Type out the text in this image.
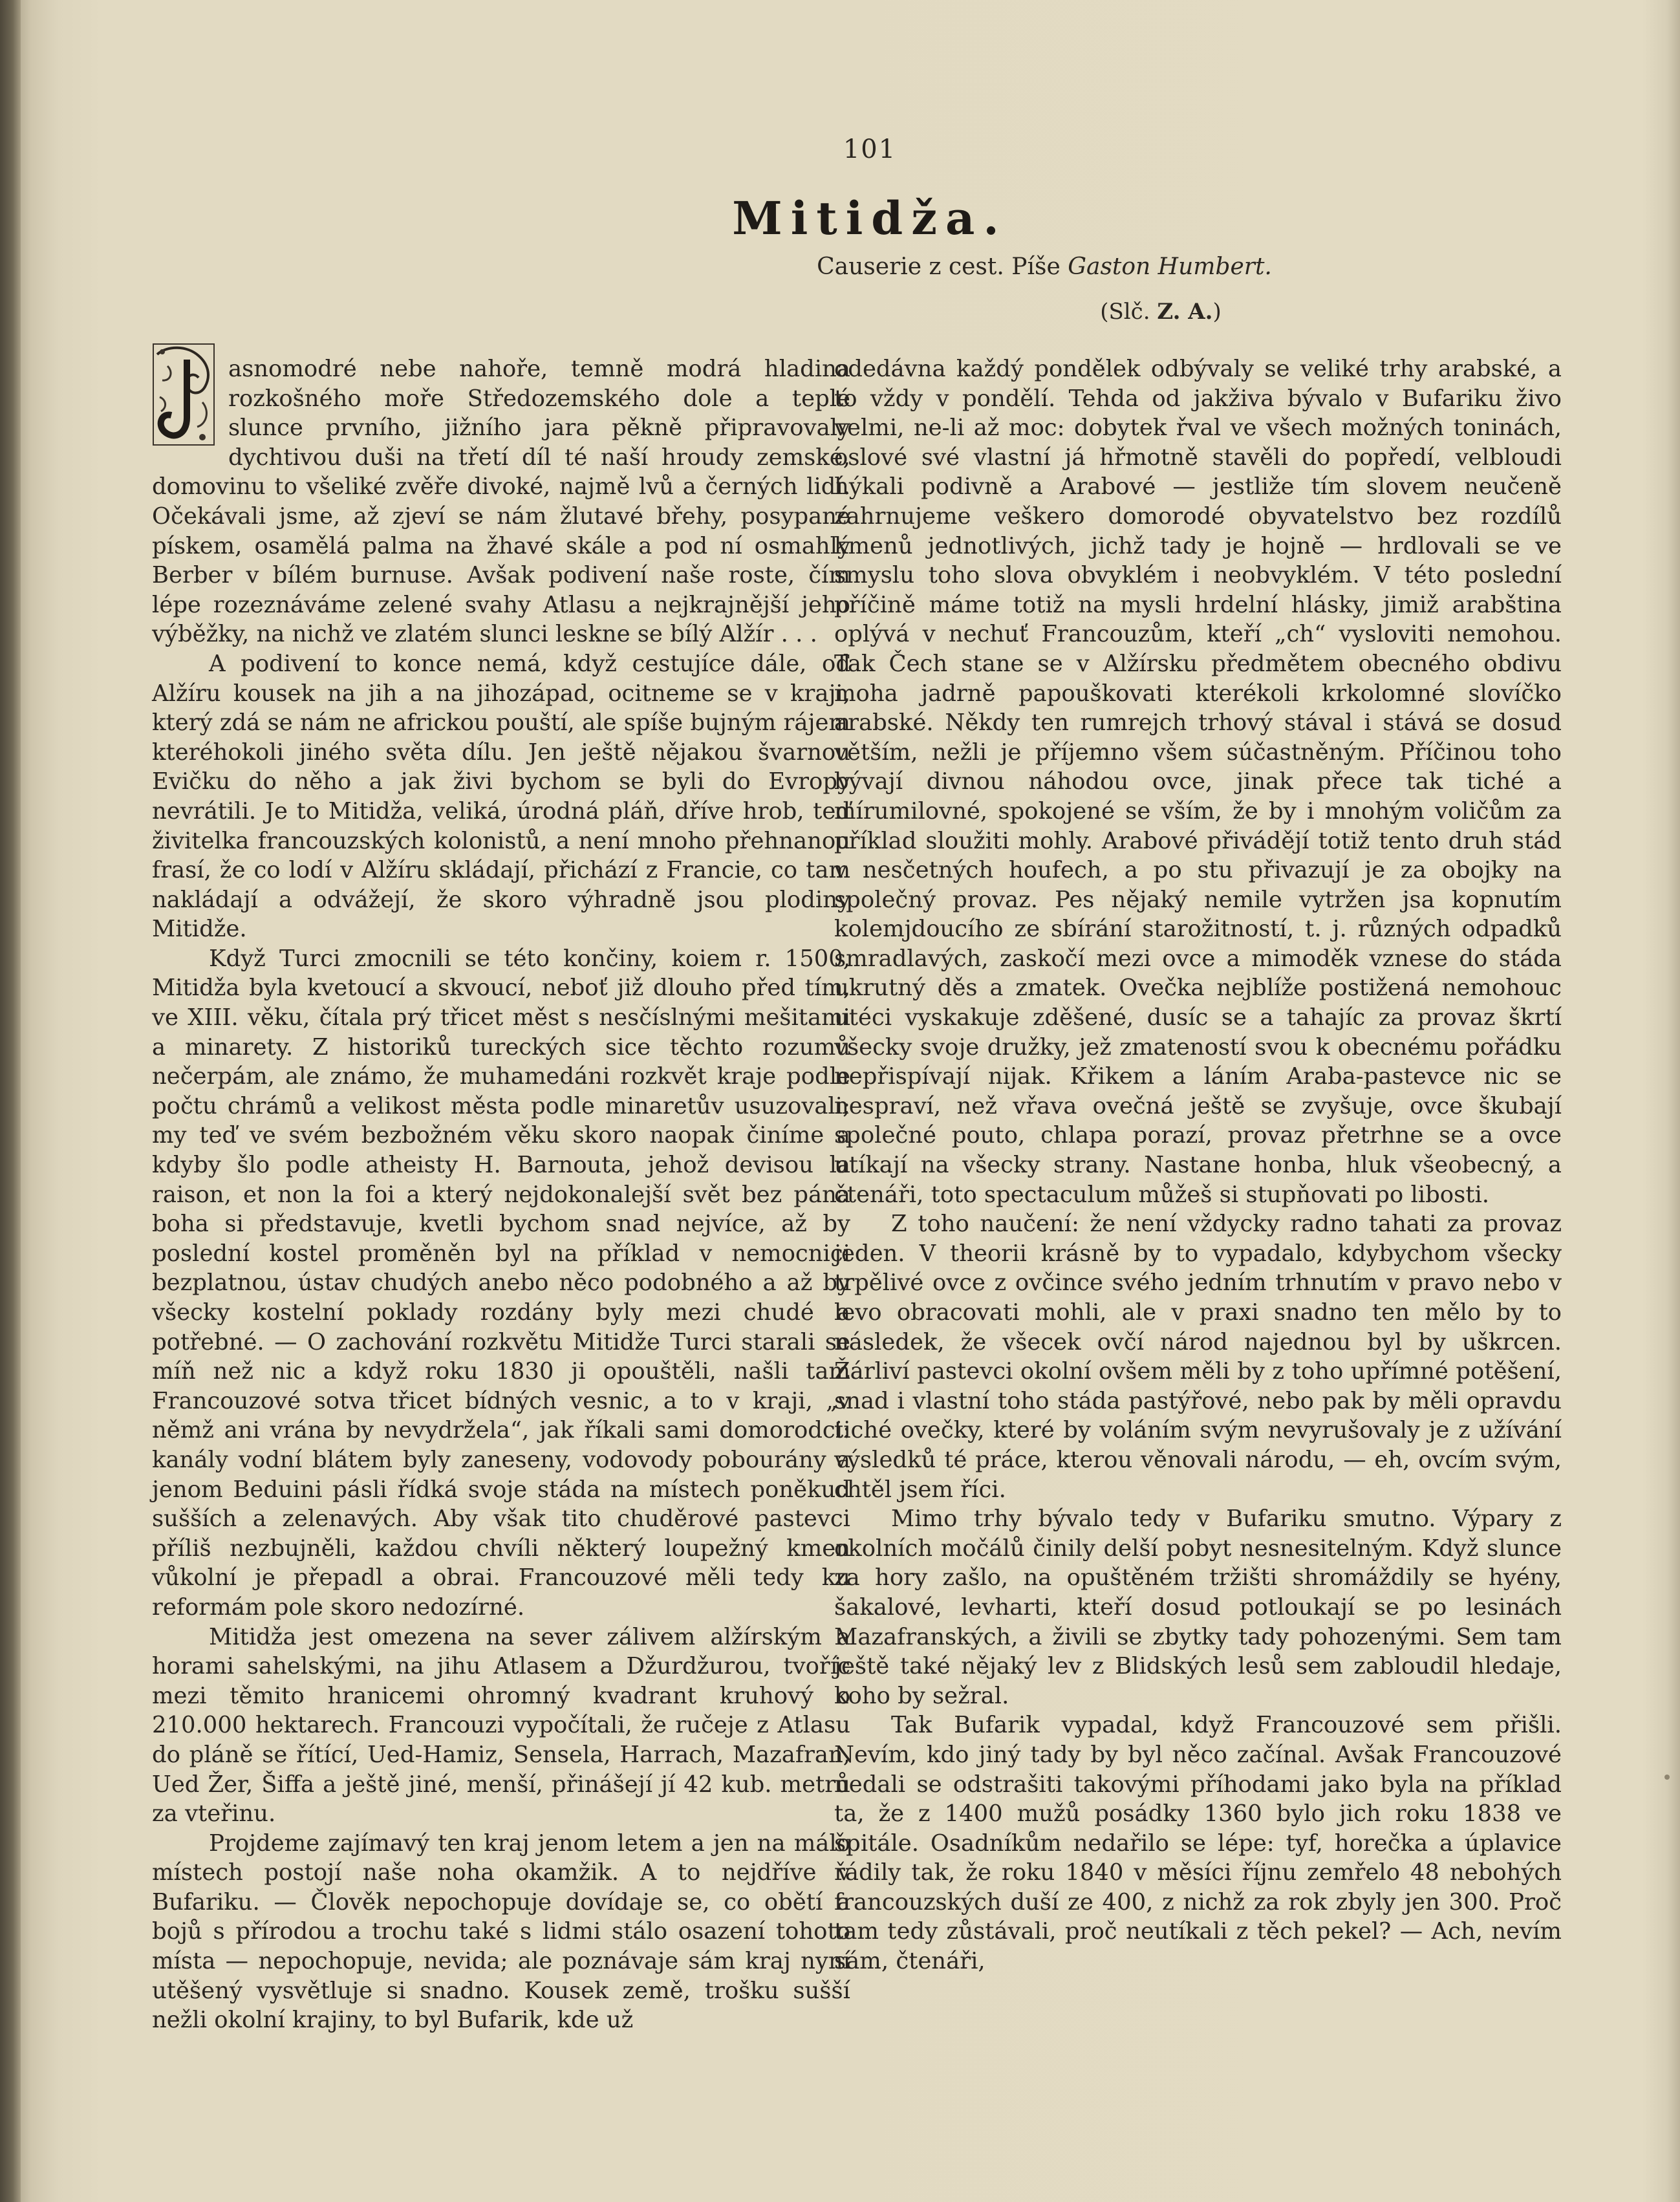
101
Mitidža.
Causerie z cest. Píše Gaston Humbert.
(Slč. Z. A.)

asnomodré nebe nahoře, temně modrá hladina rozkošného moře Středozemského dole a teplé slunce prvního, jižního jara pěkně připravovaly dychtivou duši na třetí díl té naší hroudy zemské, domovinu to všeliké zvěře divoké, najmě lvů a černých lidí. Očekávali jsme, až zjeví se nám žlutavé břehy, posypané pískem, osamělá palma na žhavé skále a pod ní osmahlý Berber v bílém burnuse. Avšak podivení naše roste, čím lépe rozeznáváme zelené svahy Atlasu a nejkrajnější jeho výběžky, na nichž ve zlatém slunci lesknе se bílý Alžír . . .

A podivení to konce nemá, když cestujíce dále, od Alžíru kousek na jih a na jihozápad, ocitneme se v kraji, který zdá se nám ne africkou pouští, ale spíše bujným rájem kteréhokoli jiného světa dílu. Jen ještě nějakou švarnou Evičku do něho a jak živi bychom se byli do Evropy nevrátili. Je to Mitidža, veliká, úrodná pláň, dříve hrob, teď živitelka francouzských kolonistů, a není mnoho přehnanou frasí, že co lodí v Alžíru skládají, přichází z Francie, co tam nakládají a odvážejí, že skoro výhradně jsou plodiny Mitidže.

Když Turci zmocnili se této končiny, koiem r. 1500, Mitidža byla kvetoucí a skvoucí, neboť již dlouho před tím, ve XIII. věku, čítala prý třicet měst s nesčíslnými mešitami a minarety. Z historiků tureckých sice těchto rozumů nečerpám, ale známo, že muhamedáni rozkvět kraje podle počtu chrámů a velikost města podle minaretův usuzovali; my teď ve svém bezbožném věku skoro naopak činíme a kdyby šlo podle atheisty H. Barnouta, jehož devisou la raison, et non la foi a který nejdokonalejší svět bez pána boha si představuje, kvetli bychom snad nejvíce, až by poslední kostel proměněn byl na příklad v nemocnici bezplatnou, ústav chudých anebo něco podobného a až by všecky kostelní poklady rozdány byly mezi chudé a potřebné. — O zachování rozkvětu Mitidže Turci starali se míň než nic a když roku 1830 ji opouštěli, našli tam Francouzové sotva třicet bídných vesnic, a to v kraji, „v němž ani vrána by nevydržela“, jak říkali sami domorodci: kanály vodní blátem byly zaneseny, vodovody pobourány a jenom Beduini pásli řídká svoje stáda na místech poněkud sušších a zelenavých. Aby však tito chuděrové pastevci příliš nezbujněli, každou chvíli některý loupežný kmen vůkolní je přepadl a obrai. Francouzové měli tedy ku reformám pole skoro nedozírné.

Mitidža jest omezena na sever zálivem alžírským a horami sahelskými, na jihu Atlasem a Džurdžurou, tvoříc mezi těmito hranicemi ohromný kvadrant kruhový o 210.000 hektarech. Francouzi vypočítali, že ručeje z Atlasu do pláně se řítící, Ued-Hamiz, Sensela, Harrach, Mazafran, Ued Žer, Šiffa a ještě jiné, menší, přinášejí jí 42 kub. metrů za vteřinu.

Projdeme zajímavý ten kraj jenom letem a jen na málo místech postojí naše noha okamžik. A to nejdříve v Bufariku. — Člověk nepochopuje dovídaje se, co obětí a bojů s přírodou a trochu také s lidmi stálo osazení tohoto místa — nepochopuje, nevida; ale poznávaje sám kraj nyní utěšený vysvětluje si snadno. Kousek země, trošku sušší nežli okolní krajiny, to byl Bufarik, kde už

odedávna každý pondělek odbývaly se veliké trhy arabské, a to vždy v pondělí. Tehda od jakživa bývalo v Bufariku živo velmi, ne-li až moc: dobytek řval ve všech možných toninách, oslové své vlastní já hřmotně stavěli do popředí, velbloudi hýkali podivně a Arabové — jestliže tím slovem neučeně zahrnujeme veškero domorodé obyvatelstvo bez rozdílů kmenů jednotlivých, jichž tady je hojně — hrdlovali se ve smyslu toho slova obvyklém i neobvyklém. V této poslední příčině máme totiž na mysli hrdelní hlásky, jimiž arabština oplývá v nechuť Francouzům, kteří „ch“ vysloviti nemohou. Tak Čech stane se v Alžírsku předmětem obecného obdivu moha jadrně papouškovati kterékoli krkolomné slovíčko arabské. Někdy ten rumrejch trhový stával i stává se dosud větším, nežli je příjemno všem súčastněným. Příčinou toho bývají divnou náhodou ovce, jinak přece tak tiché a mírumilovné, spokojené se vším, že by i mnohým voličům za příklad sloužiti mohly. Arabové přivádějí totiž tento druh stád v nesčetných houfech, a po stu přivazují je za obojky na společný provaz. Pes nějaký nemile vytržen jsa kopnutím kolemjdoucího ze sbírání starožitností, t. j. různých odpadků smradlavých, zaskočí mezi ovce a mimoděk vznese do stáda ukrutný děs a zmatek. Ovečka nejblíže postižená nemohouc utéci vyskakuje zděšené, dusíc se a tahajíc za provaz škrtí všecky svoje družky, jež zmateností svou k obecnému pořádku nepřispívají nijak. Křikem a láním Araba-pastevce nic se nespraví, než vřava ovečná ještě se zvyšuje, ovce škubají společné pouto, chlapa porazí, provaz přetrhne se a ovce utíkají na všecky strany. Nastane honba, hluk všeobecný, a čtenáři, toto spectaculum můžeš si stupňovati po libosti.

Z toho naučení: že není vždycky radno tahati za provaz jeden. V theorii krásně by to vypadalo, kdybychom všecky trpělivé ovce z ovčince svého jedním trhnutím v pravo nebo v levo obracovati mohli, ale v praxi snadno ten mělo by to následek, že všecek ovčí národ najednou byl by uškrcen. Žárliví pastevci okolní ovšem měli by z toho upřímné potěšení, snad i vlastní toho stáda pastýřové, nebo pak by měli opravdu tiché ovečky, které by voláním svým nevyrušovaly je z užívání výsledků té práce, kterou věnovali národu, — eh, ovcím svým, chtěl jsem říci.

Mimo trhy bývalo tedy v Bufariku smutno. Výpary z okolních močálů činily delší pobyt nesnesitelným. Když slunce za hory zašlo, na opuštěném tržišti shromáždily se hyény, šakalové, levharti, kteří dosud potloukají se po lesinách Mazafranských, a živili se zbytky tady pohozenými. Sem tam ještě také nějaký lev z Blidských lesů sem zabloudil hledaje, koho by sežral.

Tak Bufarik vypadal, když Francouzové sem přišli. Nevím, kdo jiný tady by byl něco začínal. Avšak Francouzové nedali se odstrašiti takovými příhodami jako byla na příklad ta, že z 1400 mužů posádky 1360 bylo jich roku 1838 ve špitále. Osadníkům nedařilo se lépe: tyf, horečka a úplavice řádily tak, že roku 1840 v měsíci říjnu zemřelo 48 nebohých francouzských duší ze 400, z nichž za rok zbyly jen 300. Proč tam tedy zůstávali, proč neutíkali z těch pekel? — Ach, nevím sám, čtenáři,
